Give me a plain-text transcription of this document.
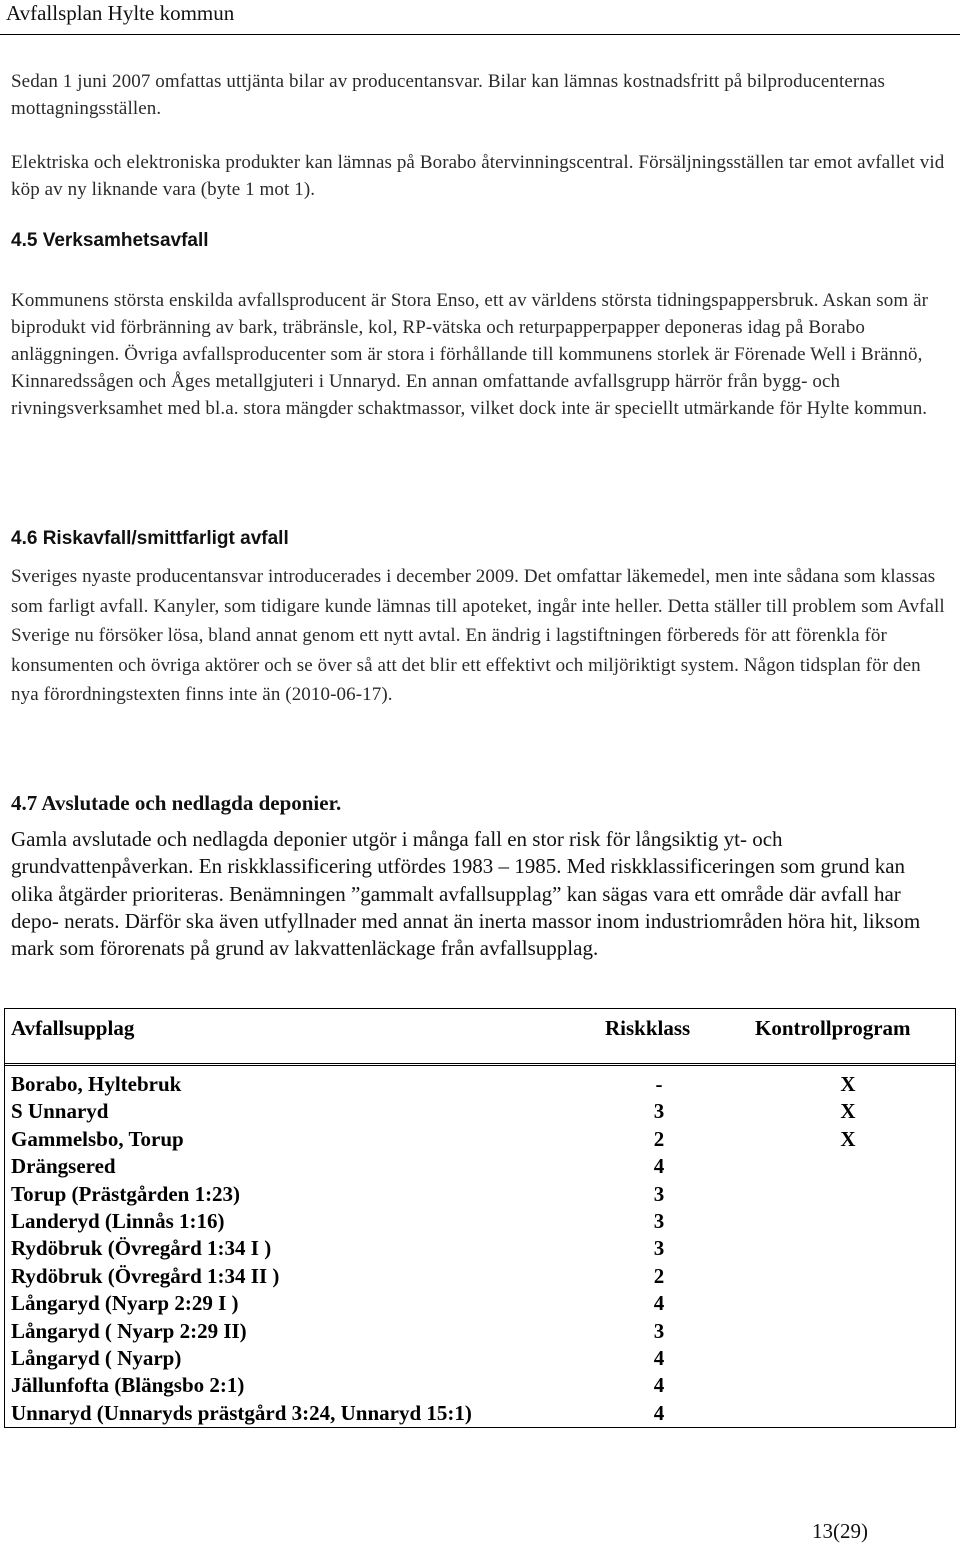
Avfallsplan Hylte kommun

Sedan 1 juni 2007 omfattas uttjänta bilar av producentansvar. Bilar kan lämnas kostnadsfritt på bilproducenternas mottagningsställen.

Elektriska och elektroniska produkter kan lämnas på Borabo återvinningscentral. Försäljningsställen tar emot avfallet vid köp av ny liknande vara (byte 1 mot 1).

4.5 Verksamhetsavfall

Kommunens största enskilda avfallsproducent är Stora Enso, ett av världens största tidningspappersbruk. Askan som är biprodukt vid förbränning av bark, träbränsle, kol, RP-vätska och returpapperpapper deponeras idag på Borabo anläggningen. Övriga avfallsproducenter som är stora i förhållande till kommunens storlek är Förenade Well i Brännö, Kinnaredssågen och Åges metallgjuteri i Unnaryd. En annan omfattande avfallsgrupp härrör från bygg- och rivningsverksamhet med bl.a. stora mängder schaktmassor, vilket dock inte är speciellt utmärkande för Hylte kommun.

4.6 Riskavfall/smittfarligt avfall

Sveriges nyaste producentansvar introducerades i december 2009. Det omfattar läkemedel, men inte sådana som klassas som farligt avfall. Kanyler, som tidigare kunde lämnas till apoteket, ingår inte heller. Detta ställer till problem som Avfall Sverige nu försöker lösa, bland annat genom ett nytt avtal. En ändrig i lagstiftningen förbereds för att förenkla för konsumenten och övriga aktörer och se över så att det blir ett effektivt och miljöriktigt system. Någon tidsplan för den nya förordningstexten finns inte än (2010-06-17).

4.7 Avslutade och nedlagda deponier.

Gamla avslutade och nedlagda deponier utgör i många fall en stor risk för långsiktig yt- och grundvattenpåverkan. En riskklassificering utfördes 1983 – 1985. Med riskklassificeringen som grund kan olika åtgärder prioriteras. Benämningen ”gammalt avfallsupplag” kan sägas vara ett område där avfall har depo- nerats. Därför ska även utfyllnader med annat än inerta massor inom industriområden höra hit, liksom mark som förorenats på grund av lakvattenläckage från avfallsupplag.

Avfallsupplag	Riskklass	Kontrollprogram
Borabo, Hyltebruk	-	X
S Unnaryd	3	X
Gammelsbo, Torup	2	X
Drängsered	4
Torup (Prästgården 1:23)	3
Landeryd (Linnås 1:16)	3
Rydöbruk (Övregård 1:34 I )	3
Rydöbruk (Övregård 1:34 II )	2
Långaryd (Nyarp 2:29 I )	4
Långaryd ( Nyarp 2:29 II)	3
Långaryd ( Nyarp)	4
Jällunfofta (Blängsbo 2:1)	4
Unnaryd (Unnaryds prästgård 3:24, Unnaryd 15:1)	4
13(29)
